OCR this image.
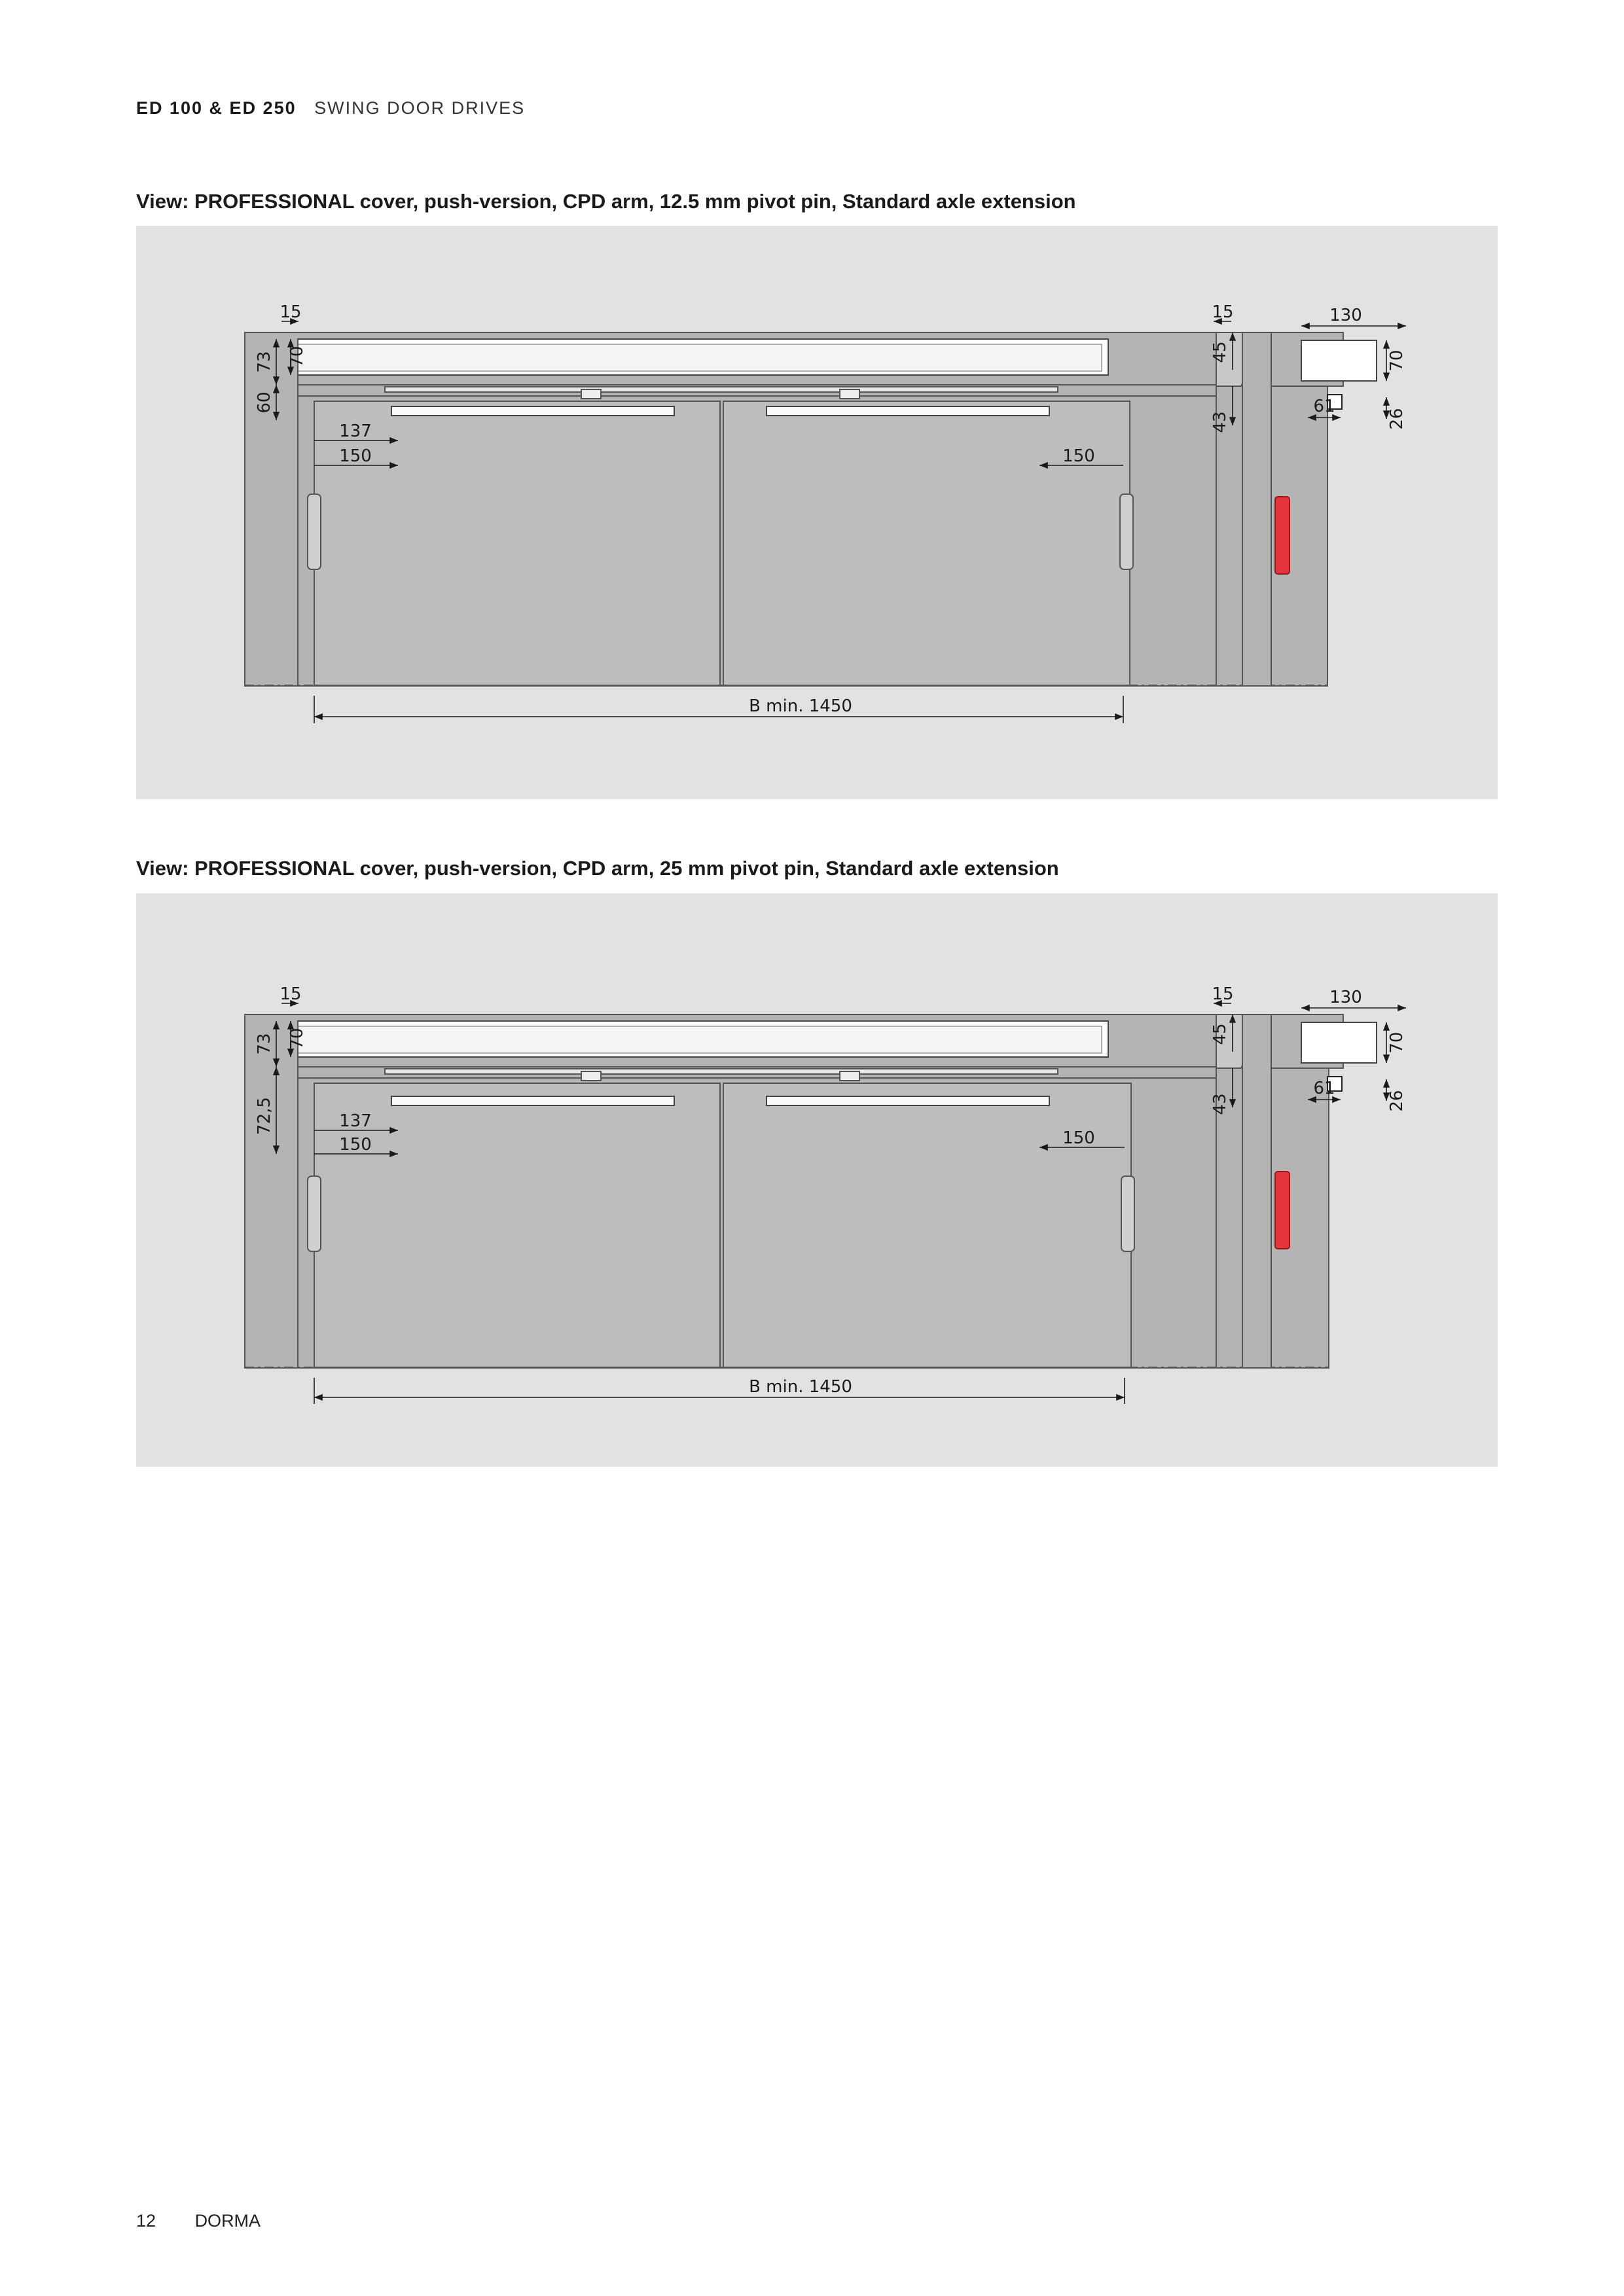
ED 100 & ED 250 SWING DOOR DRIVES
View: PROFESSIONAL cover, push-version, CPD arm, 12.5 mm pivot pin, Standard axle extension
B min. 1450
15	15
137
150	150
73 70
60
45
130
70
43
61
26
View: PROFESSIONAL cover, push-version, CPD arm, 25 mm pivot pin, Standard axle extension
B min. 1450
15	15
137
150	150
73 70
72,5
45
130
70
43
61
26
12 DORMA
